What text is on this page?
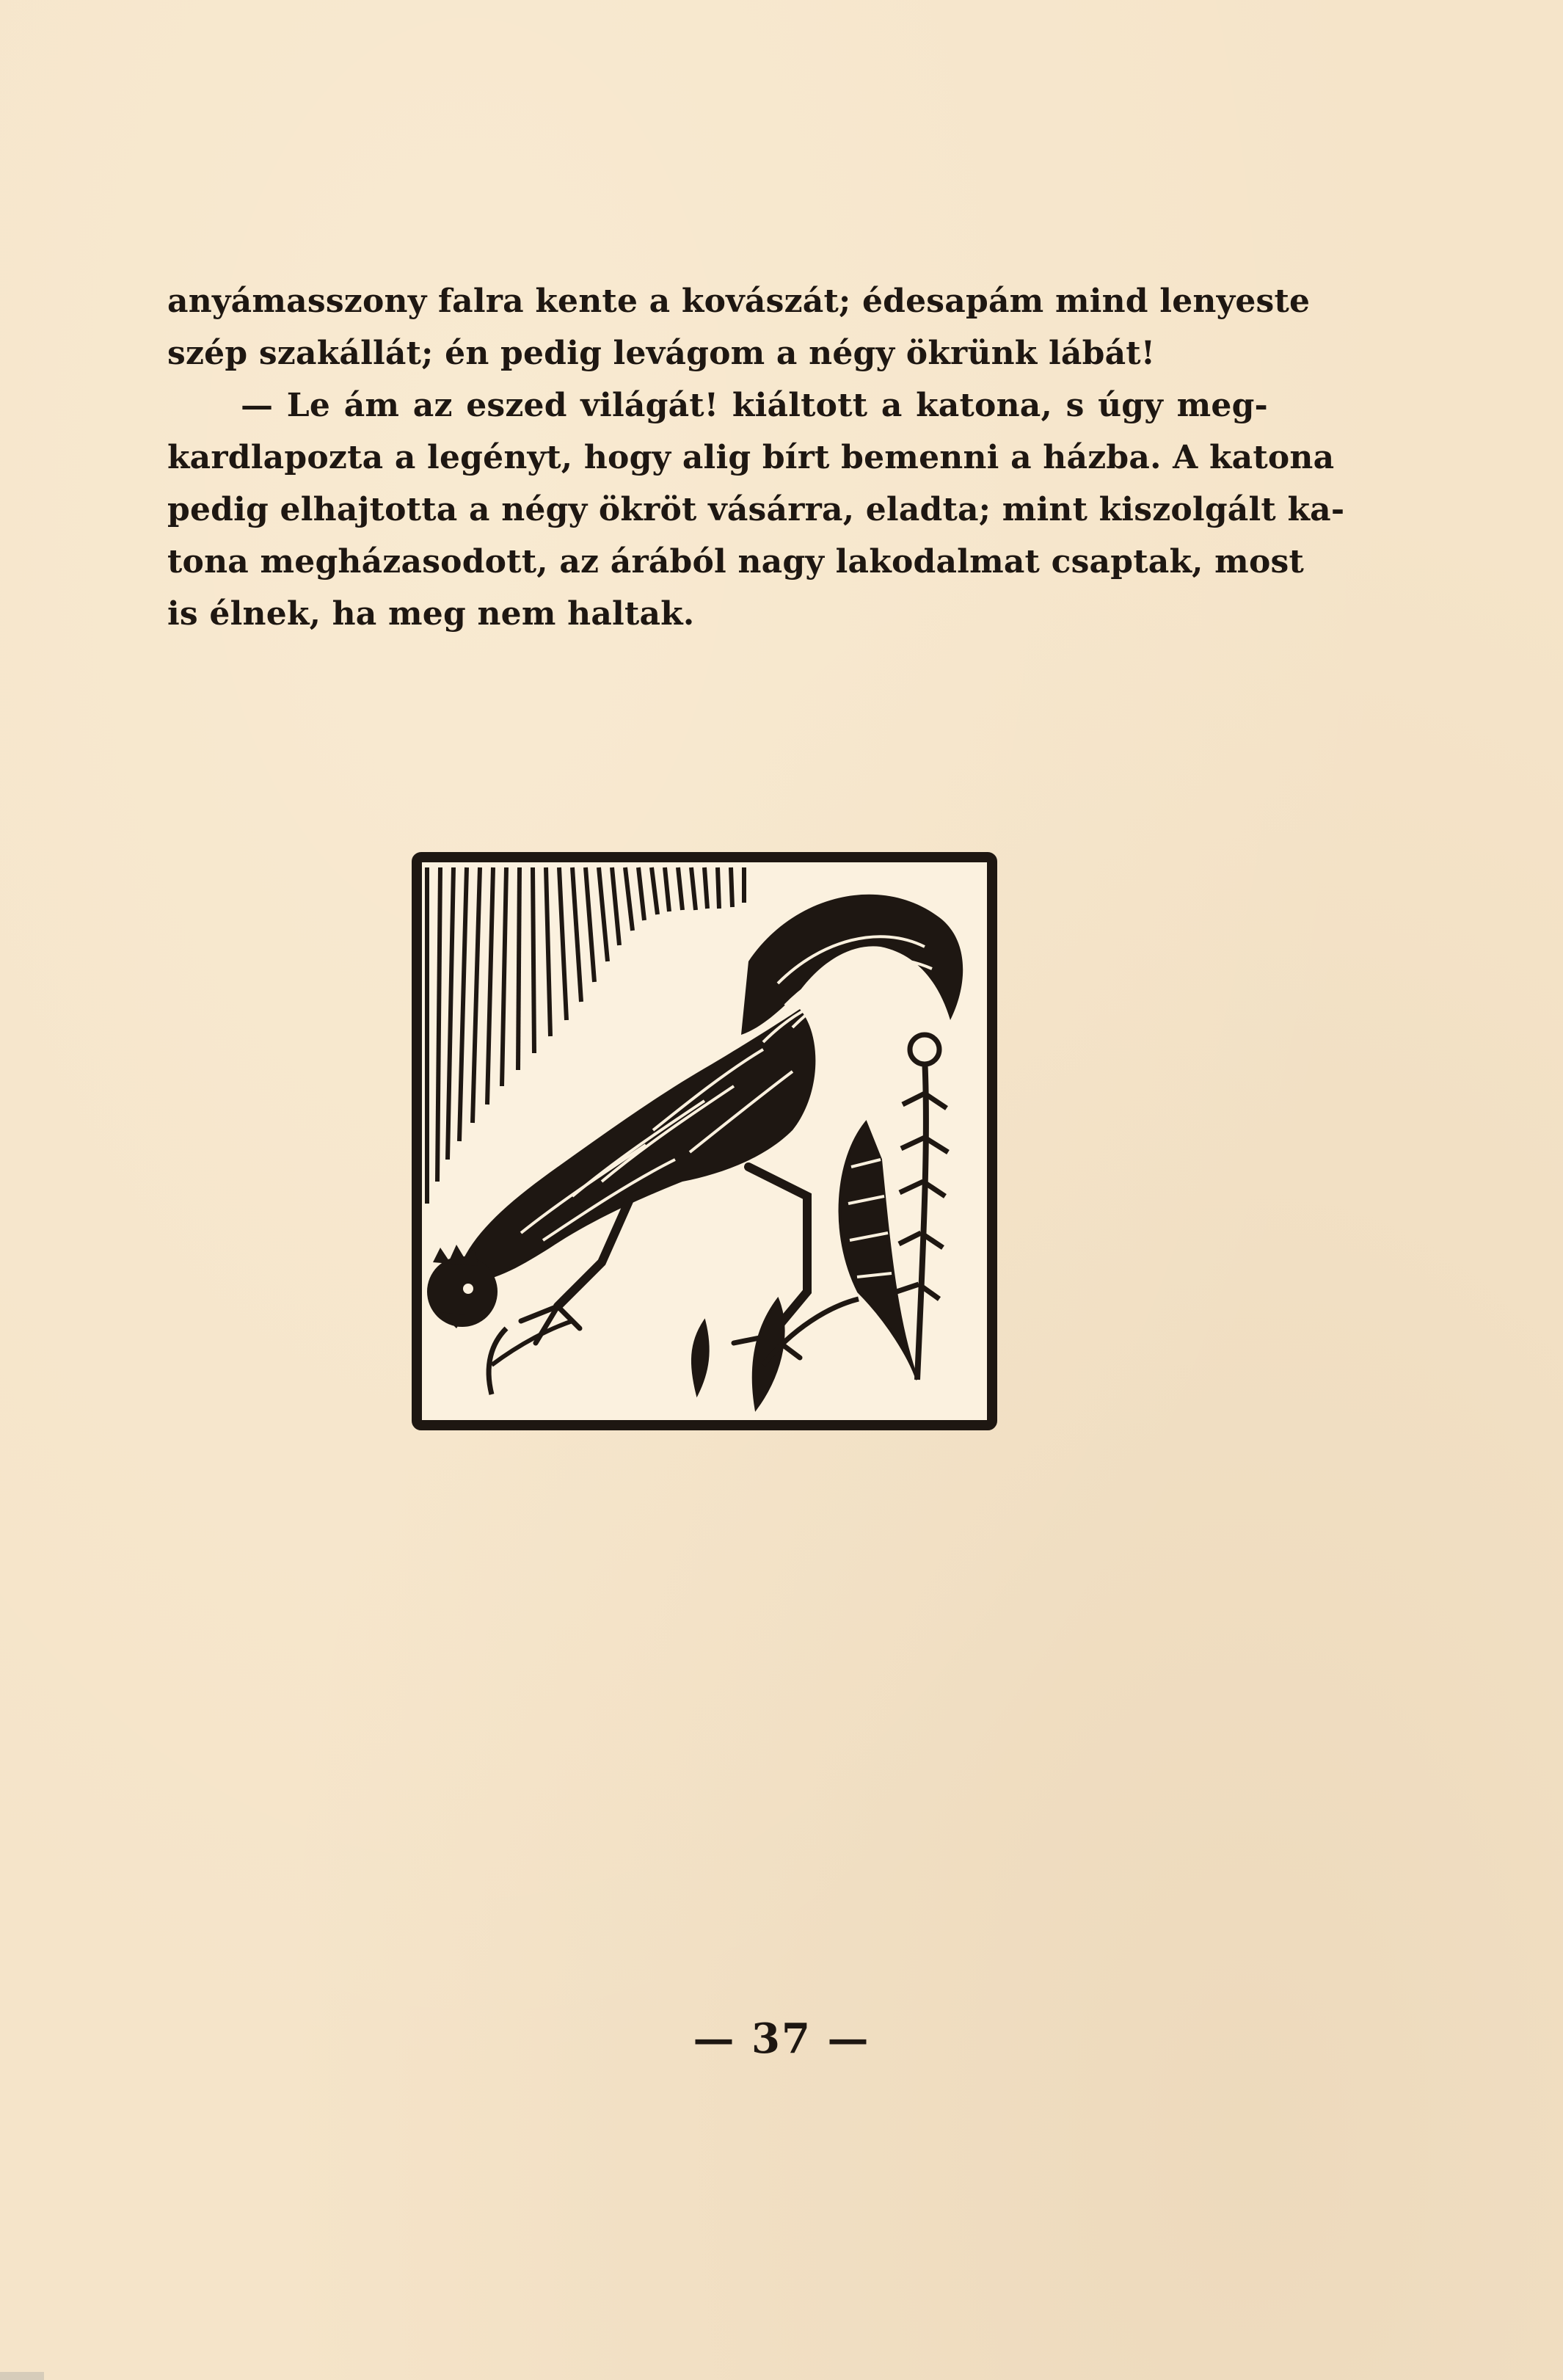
anyámasszony falra kente a kovászát; édesapám mind lenyeste
szép szakállát; én pedig levágom a négy ökrünk lábát!
— Le ám az eszed világát! kiáltott a katona, s úgy meg-
kardlapozta a legényt, hogy alig bírt bemenni a házba. A katona
pedig elhajtotta a négy ökröt vásárra, eladta; mint kiszolgált ka-
tona megházasodott, az árából nagy lakodalmat csaptak, most
is élnek, ha meg nem haltak.
— 37 —
